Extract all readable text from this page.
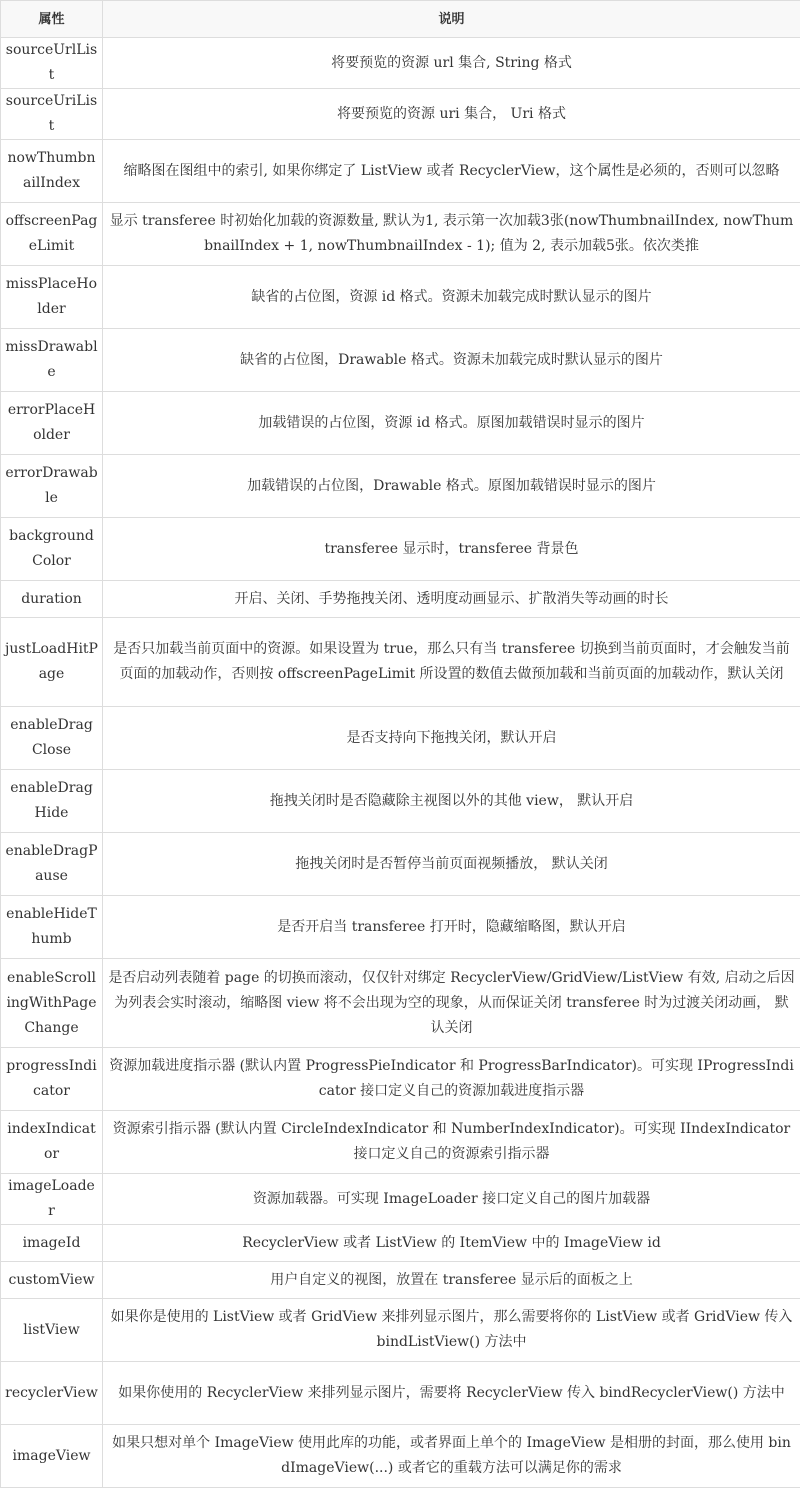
属性	说明
sourceUrlList	将要预览的资源 url 集合, String 格式
sourceUriList	将要预览的资源 uri 集合， Uri 格式
nowThumbnailIndex	缩略图在图组中的索引, 如果你绑定了 ListView 或者 RecyclerView，这个属性是必须的，否则可以忽略
offscreenPageLimit	显示 transferee 时初始化加载的资源数量, 默认为1, 表示第一次加载3张(nowThumbnailIndex, nowThumbnailIndex + 1, nowThumbnailIndex - 1); 值为 2, 表示加载5张。依次类推
missPlaceHolder	缺省的占位图，资源 id 格式。资源未加载完成时默认显示的图片
missDrawable	缺省的占位图，Drawable 格式。资源未加载完成时默认显示的图片
errorPlaceHolder	加载错误的占位图，资源 id 格式。原图加载错误时显示的图片
errorDrawable	加载错误的占位图，Drawable 格式。原图加载错误时显示的图片
backgroundColor	transferee 显示时，transferee 背景色
duration	开启、关闭、手势拖拽关闭、透明度动画显示、扩散消失等动画的时长
justLoadHitPage	是否只加载当前页面中的资源。如果设置为 true，那么只有当 transferee 切换到当前页面时，才会触发当前页面的加载动作，否则按 offscreenPageLimit 所设置的数值去做预加载和当前页面的加载动作，默认关闭
enableDragClose	是否支持向下拖拽关闭，默认开启
enableDragHide	拖拽关闭时是否隐藏除主视图以外的其他 view， 默认开启
enableDragPause	拖拽关闭时是否暂停当前页面视频播放， 默认关闭
enableHideThumb	是否开启当 transferee 打开时，隐藏缩略图，默认开启
enableScrollingWithPageChange	是否启动列表随着 page 的切换而滚动，仅仅针对绑定 RecyclerView/GridView/ListView 有效, 启动之后因为列表会实时滚动，缩略图 view 将不会出现为空的现象，从而保证关闭 transferee 时为过渡关闭动画， 默认关闭
progressIndicator	资源加载进度指示器 (默认内置 ProgressPieIndicator 和 ProgressBarIndicator)。可实现 IProgressIndicator 接口定义自己的资源加载进度指示器
indexIndicator	资源索引指示器 (默认内置 CircleIndexIndicator 和 NumberIndexIndicator)。可实现 IIndexIndicator 接口定义自己的资源索引指示器
imageLoader	资源加载器。可实现 ImageLoader 接口定义自己的图片加载器
imageId	RecyclerView 或者 ListView 的 ItemView 中的 ImageView id
customView	用户自定义的视图，放置在 transferee 显示后的面板之上
listView	如果你是使用的 ListView 或者 GridView 来排列显示图片，那么需要将你的 ListView 或者 GridView 传入 bindListView() 方法中
recyclerView	如果你使用的 RecyclerView 来排列显示图片，需要将 RecyclerView 传入 bindRecyclerView() 方法中
imageView	如果只想对单个 ImageView 使用此库的功能，或者界面上单个的 ImageView 是相册的封面，那么使用 bindImageView(...) 或者它的重载方法可以满足你的需求
